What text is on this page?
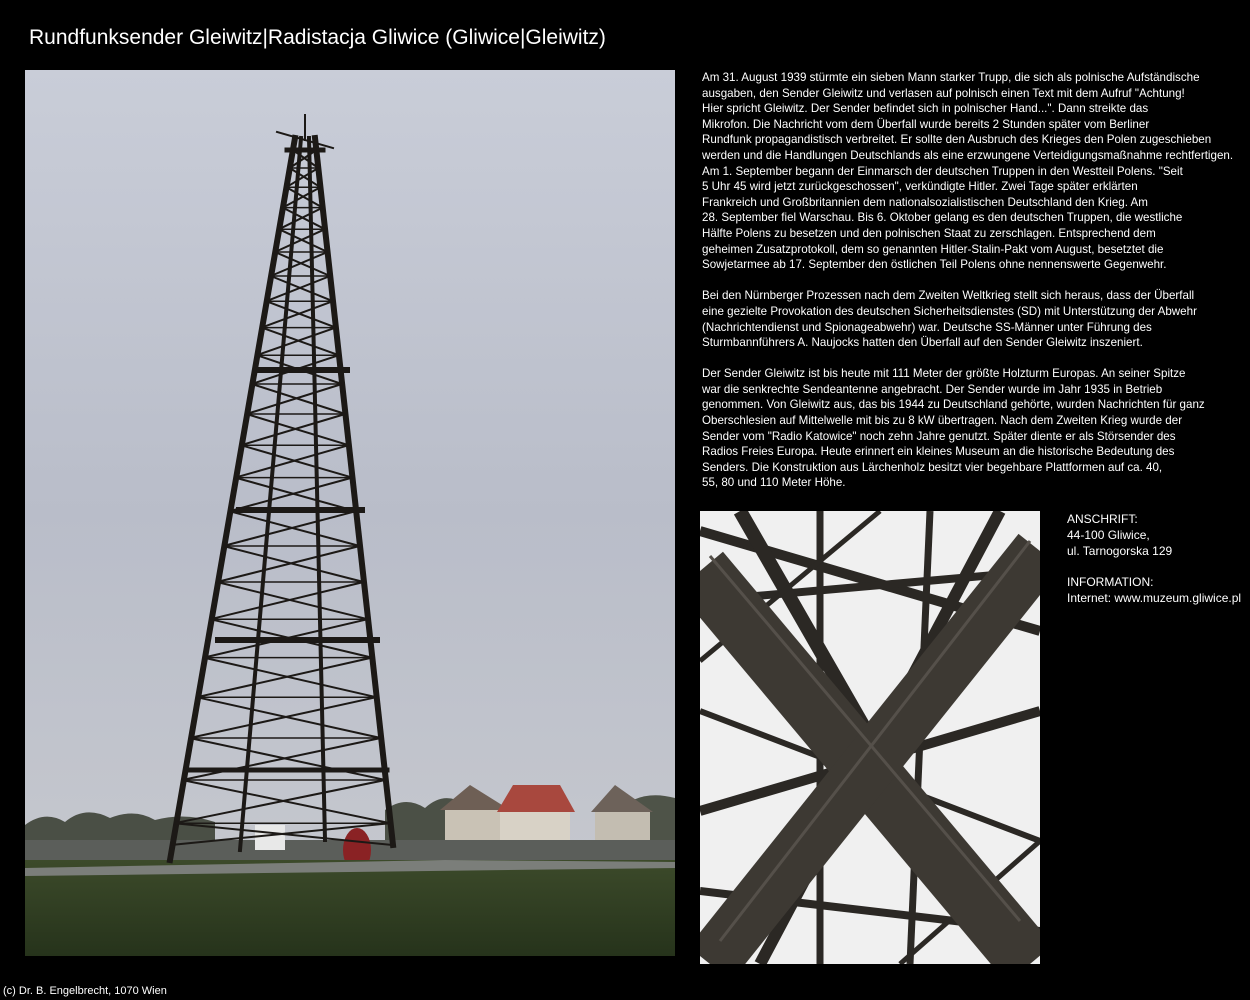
Rundfunksender Gleiwitz|Radistacja Gliwice (Gliwice|Gleiwitz)

Am 31. August 1939 stürmte ein sieben Mann starker Trupp, die sich als polnische Aufständische
ausgaben, den Sender Gleiwitz und verlasen auf polnisch einen Text mit dem Aufruf "Achtung!
Hier spricht Gleiwitz. Der Sender befindet sich in polnischer Hand...". Dann streikte das
Mikrofon. Die Nachricht vom dem Überfall wurde bereits 2 Stunden später vom Berliner
Rundfunk propagandistisch verbreitet. Er sollte den Ausbruch des Krieges den Polen zugeschieben
werden und die Handlungen Deutschlands als eine erzwungene Verteidigungsmaßnahme rechtfertigen.
Am 1. September begann der Einmarsch der deutschen Truppen in den Westteil Polens. "Seit
5 Uhr 45 wird jetzt zurückgeschossen", verkündigte Hitler. Zwei Tage später erklärten
Frankreich und Großbritannien dem nationalsozialistischen Deutschland den Krieg. Am
28. September fiel Warschau. Bis 6. Oktober gelang es den deutschen Truppen, die westliche
Hälfte Polens zu besetzen und den polnischen Staat zu zerschlagen. Entsprechend dem
geheimen Zusatzprotokoll, dem so genannten Hitler-Stalin-Pakt vom August, besetztet die
Sowjetarmee ab 17. September den östlichen Teil Polens ohne nennenswerte Gegenwehr.

Bei den Nürnberger Prozessen nach dem Zweiten Weltkrieg stellt sich heraus, dass der Überfall
eine gezielte Provokation des deutschen Sicherheitsdienstes (SD) mit Unterstützung der Abwehr
(Nachrichtendienst und Spionageabwehr) war. Deutsche SS-Männer unter Führung des
Sturmbannführers A. Naujocks hatten den Überfall auf den Sender Gleiwitz inszeniert.

Der Sender Gleiwitz ist bis heute mit 111 Meter der größte Holzturm Europas. An seiner Spitze
war die senkrechte Sendeantenne angebracht. Der Sender wurde im Jahr 1935 in Betrieb
genommen. Von Gleiwitz aus, das bis 1944 zu Deutschland gehörte, wurden Nachrichten für ganz
Oberschlesien auf Mittelwelle mit bis zu 8 kW übertragen. Nach dem Zweiten Krieg wurde der
Sender vom "Radio Katowice" noch zehn Jahre genutzt. Später diente er als Störsender des
Radios Freies Europa. Heute erinnert ein kleines Museum an die historische Bedeutung des
Senders. Die Konstruktion aus Lärchenholz besitzt vier begehbare Plattformen auf ca. 40,
55, 80 und 110 Meter Höhe.

ANSCHRIFT:
44-100 Gliwice,
ul. Tarnogorska 129
INFORMATION:
Internet: www.muzeum.gliwice.pl
(c) Dr. B. Engelbrecht, 1070 Wien
